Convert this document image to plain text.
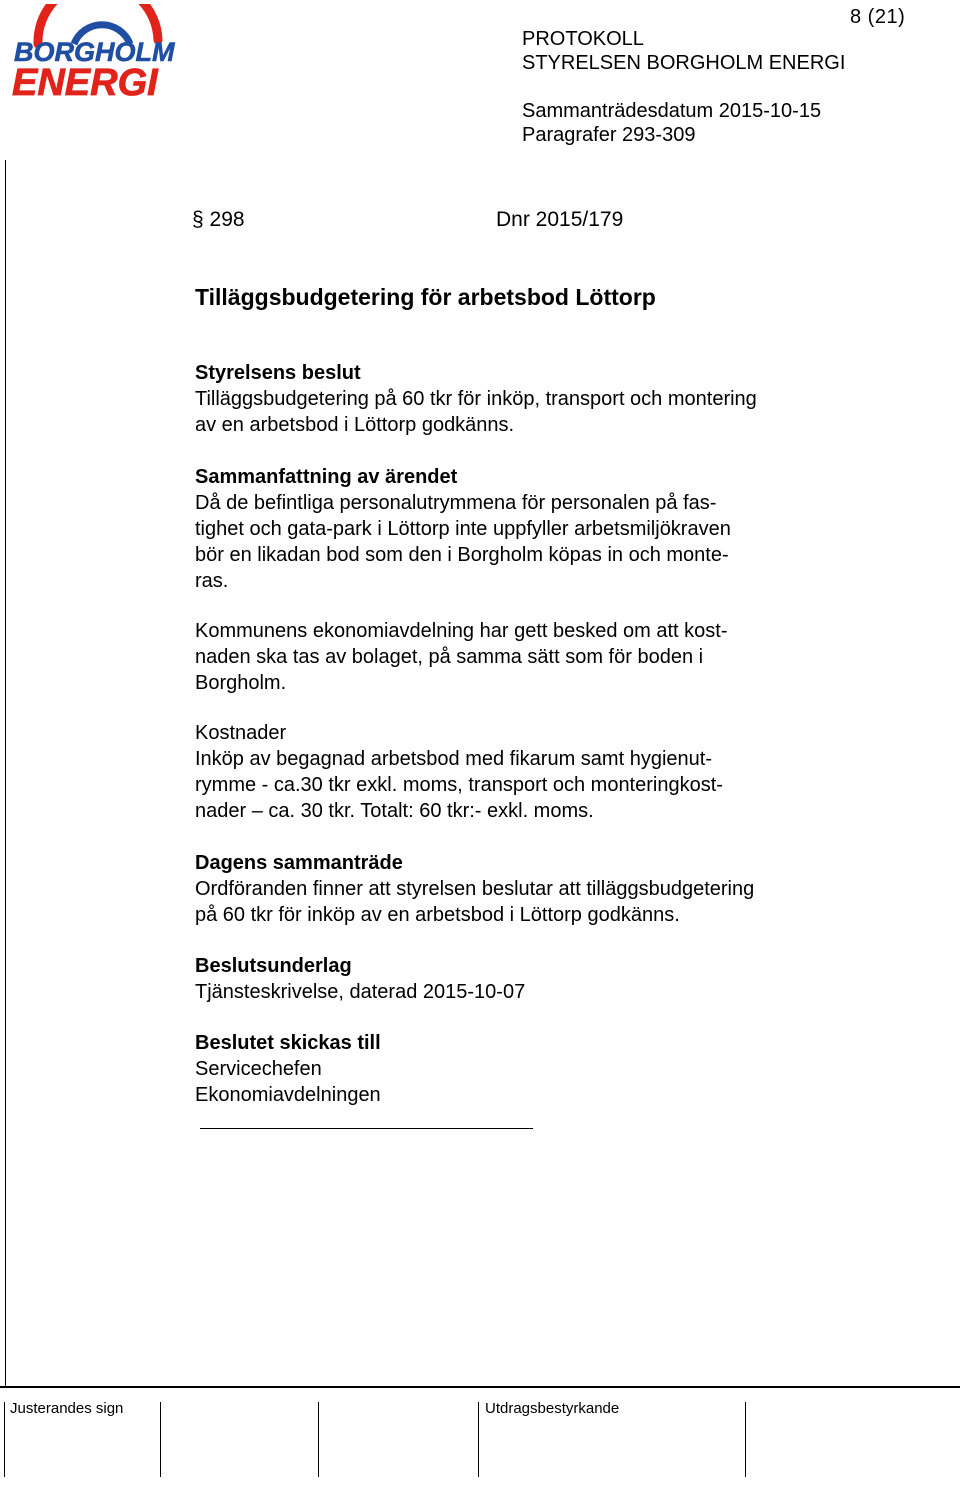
BORGHOLM
ENERGI
8 (21)
PROTOKOLL
STYRELSEN BORGHOLM ENERGI
Sammanträdesdatum 2015-10-15
Paragrafer 293-309
§ 298	Dnr 2015/179
Tilläggsbudgetering för arbetsbod Löttorp
Styrelsens beslut
Tilläggsbudgetering på 60 tkr för inköp, transport och montering
av en arbetsbod i Löttorp godkänns.
Sammanfattning av ärendet
Då de befintliga personalutrymmena för personalen på fas-
tighet och gata-park i Löttorp inte uppfyller arbetsmiljökraven
bör en likadan bod som den i Borgholm köpas in och monte-
ras.
Kommunens ekonomiavdelning har gett besked om att kost-
naden ska tas av bolaget, på samma sätt som för boden i
Borgholm.
Kostnader
Inköp av begagnad arbetsbod med fikarum samt hygienut-
rymme - ca.30 tkr exkl. moms, transport och monteringkost-
nader – ca. 30 tkr. Totalt: 60 tkr:- exkl. moms.
Dagens sammanträde
Ordföranden finner att styrelsen beslutar att tilläggsbudgetering
på 60 tkr för inköp av en arbetsbod i Löttorp godkänns.
Beslutsunderlag
Tjänsteskrivelse, daterad 2015-10-07
Beslutet skickas till
Servicechefen
Ekonomiavdelningen
Justerandes sign	Utdragsbestyrkande
